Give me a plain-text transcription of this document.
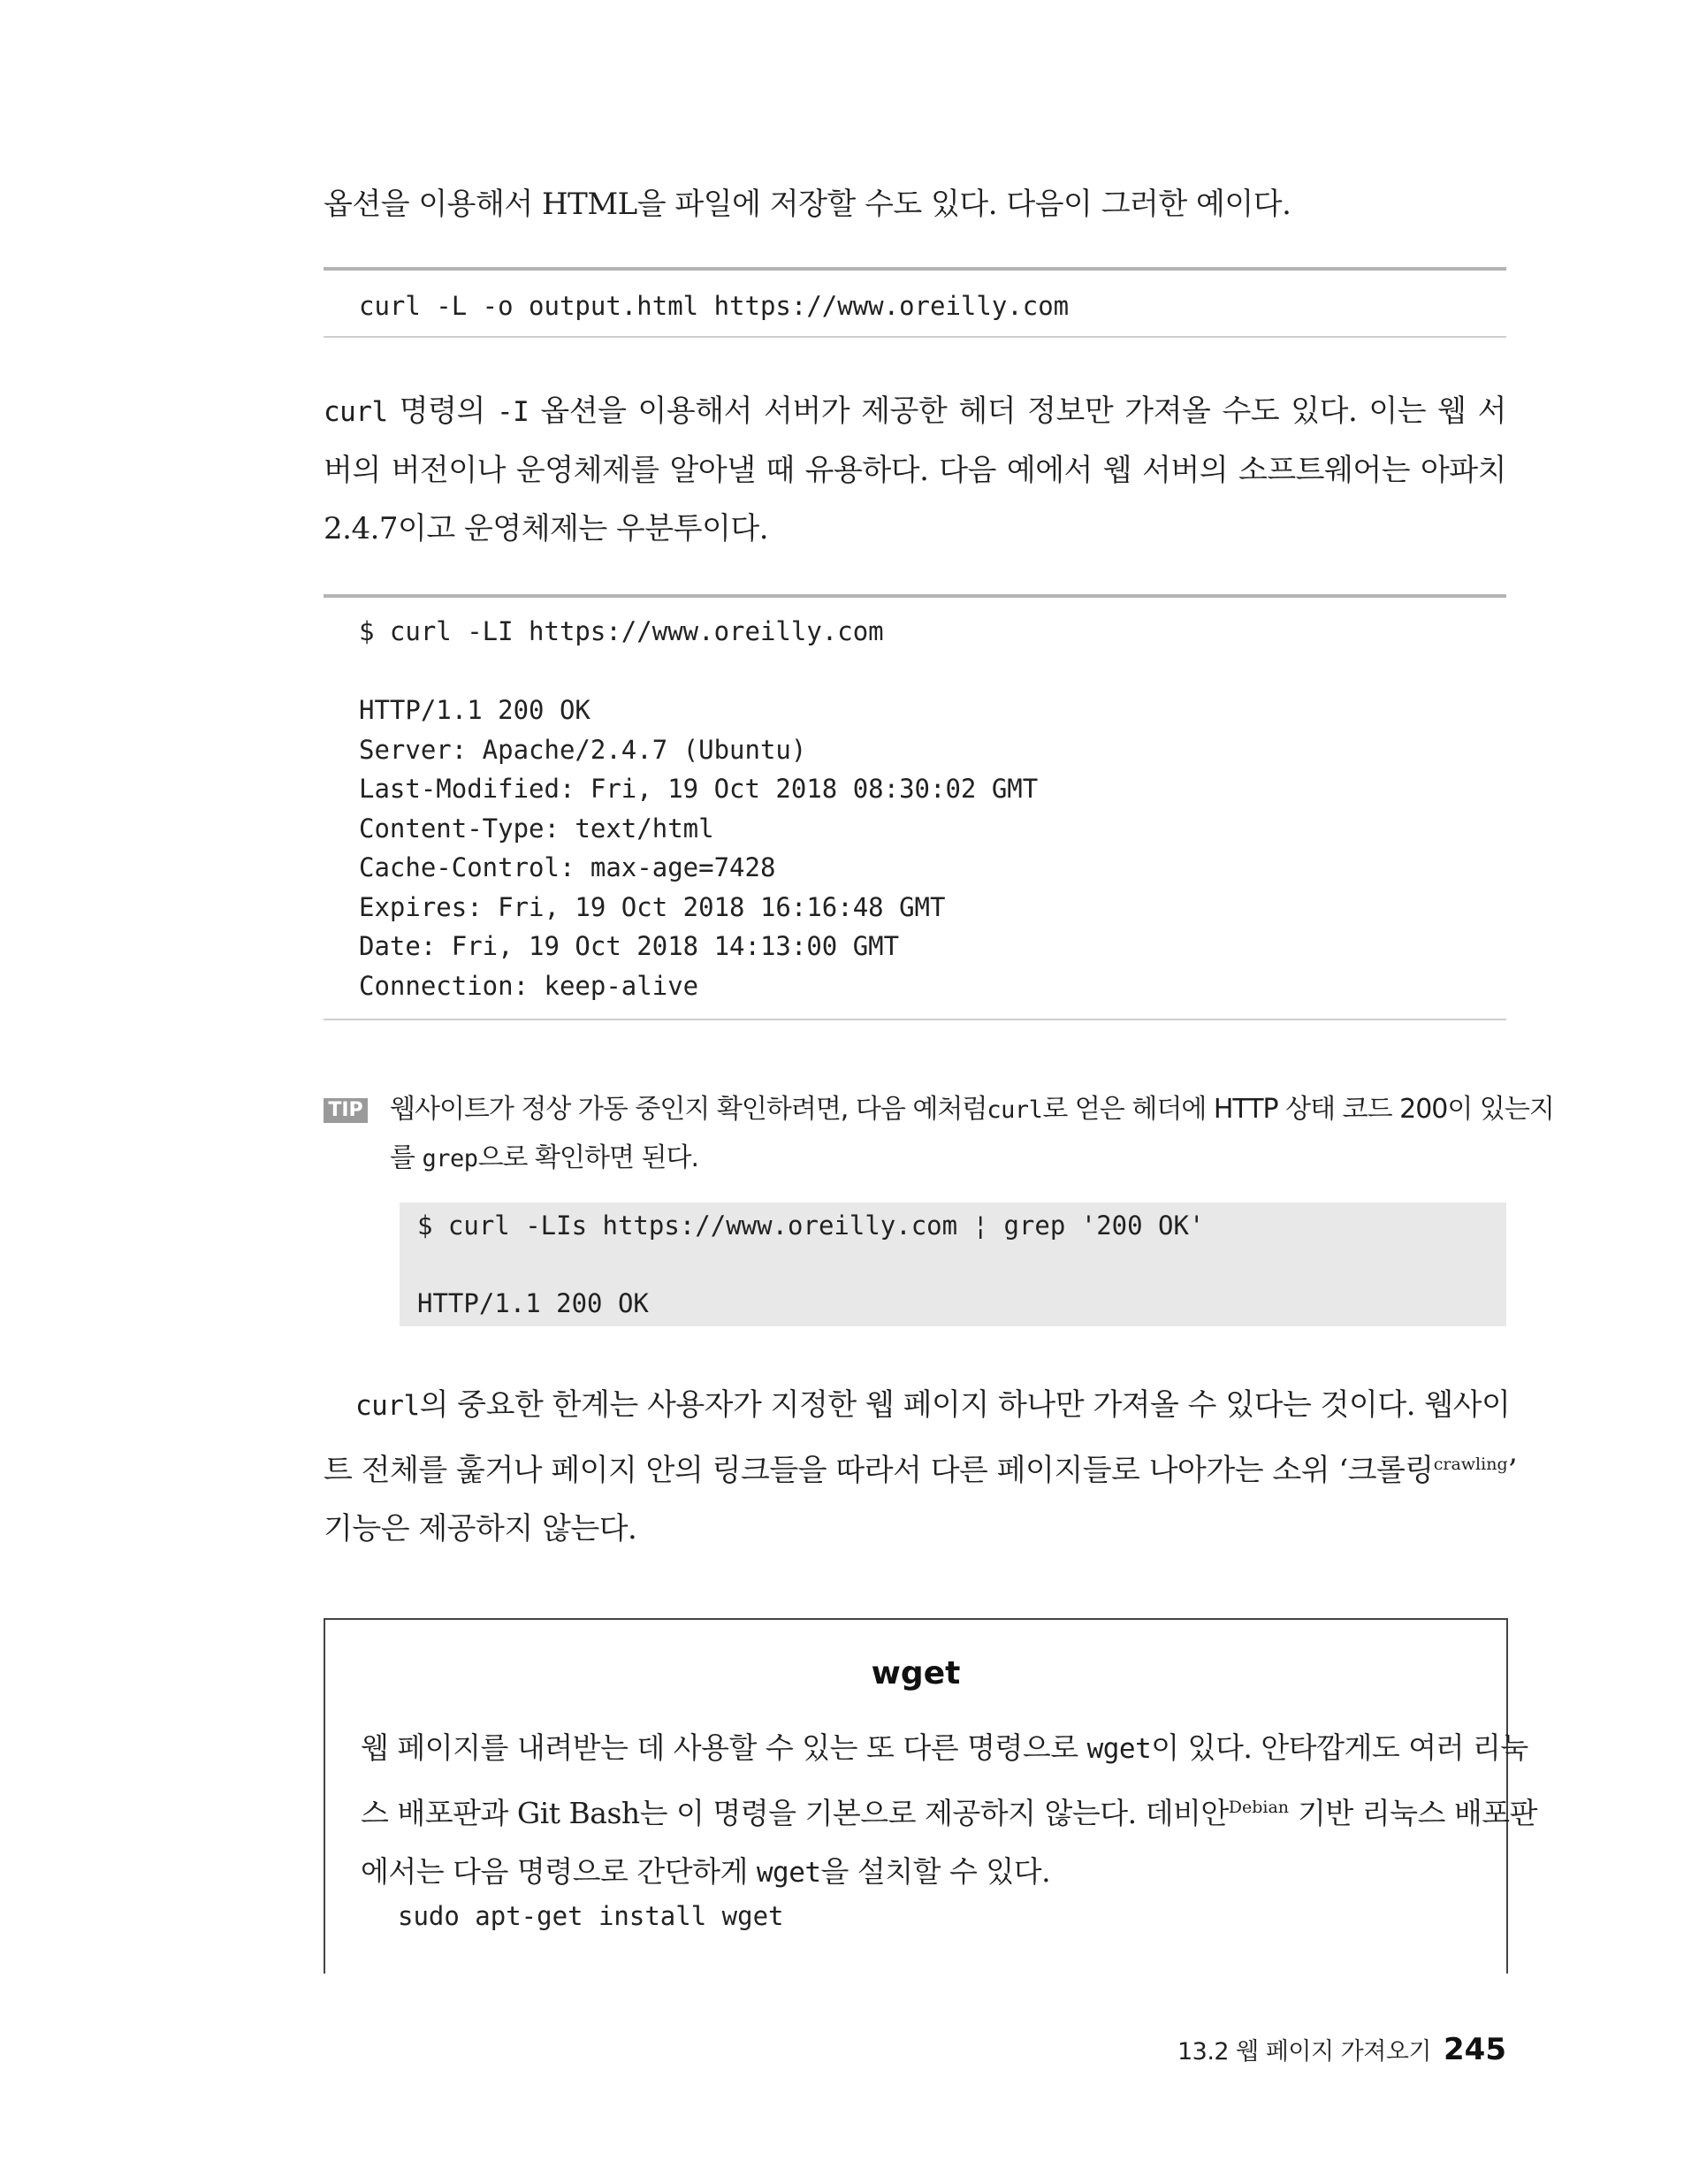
옵션을 이용해서 HTML을 파일에 저장할 수도 있다. 다음이 그러한 예이다.

curl -L -o output.html https://www.oreilly.com

curl 명령의 -I 옵션을 이용해서 서버가 제공한 헤더 정보만 가져올 수도 있다. 이는 웹 서
버의 버전이나 운영체제를 알아낼 때 유용하다. 다음 예에서 웹 서버의 소프트웨어는 아파치
2.4.7이고 운영체제는 우분투이다.

$ curl -LI https://www.oreilly.com

HTTP/1.1 200 OK
Server: Apache/2.4.7 (Ubuntu)
Last-Modified: Fri, 19 Oct 2018 08:30:02 GMT
Content-Type: text/html
Cache-Control: max-age=7428
Expires: Fri, 19 Oct 2018 16:16:48 GMT
Date: Fri, 19 Oct 2018 14:13:00 GMT
Connection: keep-alive
TIP 웹사이트가 정상 가동 중인지 확인하려면, 다음 예처럼curl로 얻은 헤더에 HTTP 상태 코드 200이 있는지
를 grep으로 확인하면 된다.

$ curl -LIs https://www.oreilly.com ¦ grep '200 OK'

HTTP/1.1 200 OK

curl의 중요한 한계는 사용자가 지정한 웹 페이지 하나만 가져올 수 있다는 것이다. 웹사이
트 전체를 훑거나 페이지 안의 링크들을 따라서 다른 페이지들로 나아가는 소위 ‘크롤링$^{crawling}$’
기능은 제공하지 않는다.

wget

웹 페이지를 내려받는 데 사용할 수 있는 또 다른 명령으로 wget이 있다. 안타깝게도 여러 리눅
스 배포판과 Git Bash는 이 명령을 기본으로 제공하지 않는다. 데비안$^{Debian}$ 기반 리눅스 배포판
에서는 다음 명령으로 간단하게 wget을 설치할 수 있다.

sudo apt-get install wget
13.2 웹 페이지 가져오기 245
